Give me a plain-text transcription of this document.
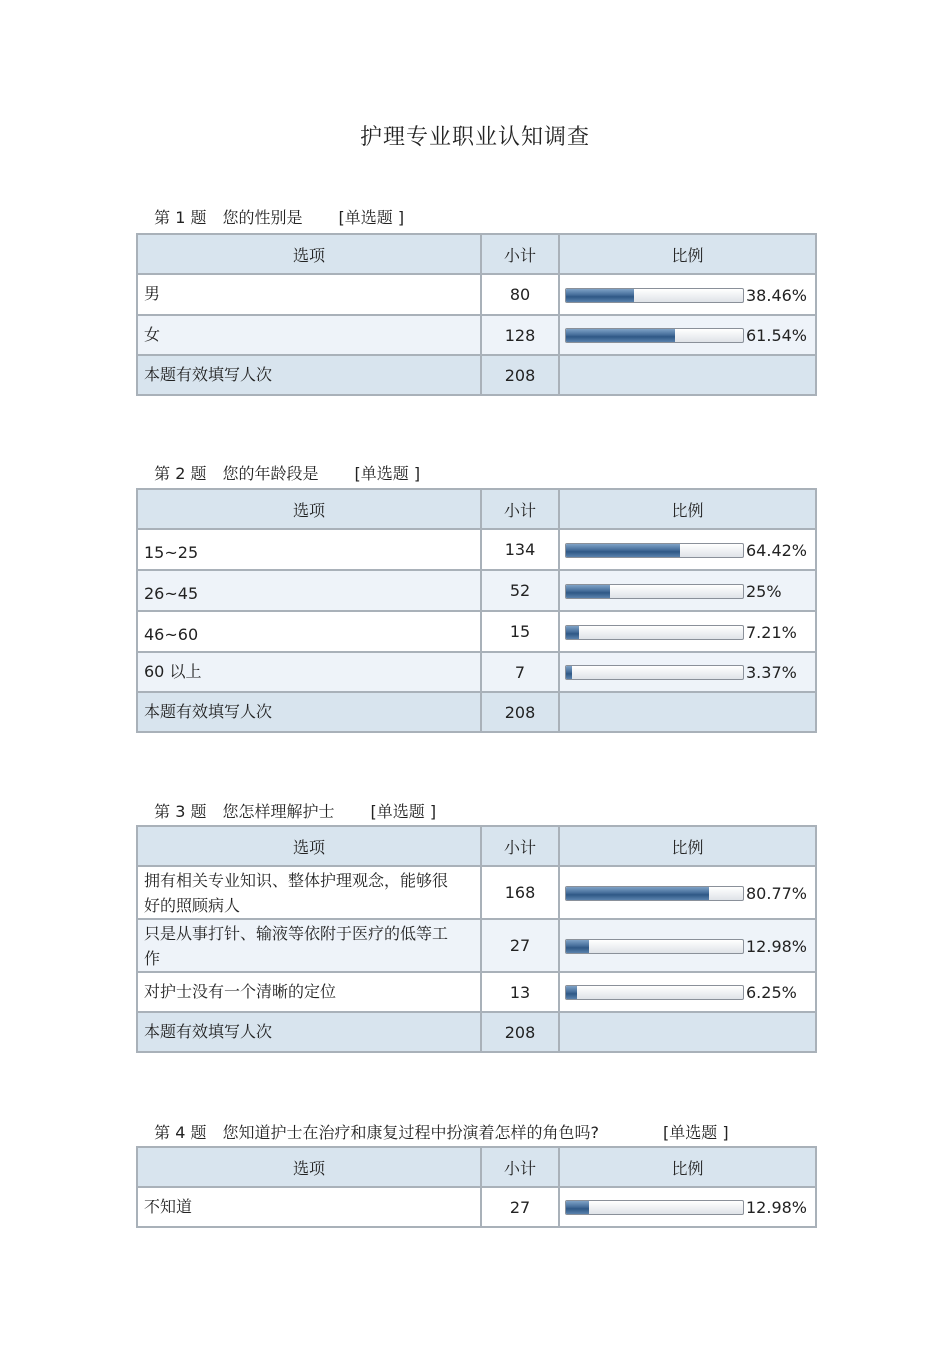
护理专业职业认知调查

第 1 题 您的性别是 [单选题 ]

选项	小计	比例
男	80	38.46%
女	128	61.54%
本题有效填写人次	208	

第 2 题 您的年龄段是 [单选题 ]

选项	小计	比例
15~25	134	64.42%
26~45	52	25%
46~60	15	7.21%
60 以上	7	3.37%
本题有效填写人次	208	

第 3 题 您怎样理解护士 [单选题 ]

选项	小计	比例
拥有相关专业知识、整体护理观念，能够很好的照顾病人	168	80.77%
只是从事打针、输液等依附于医疗的低等工作	27	12.98%
对护士没有一个清晰的定位	13	6.25%
本题有效填写人次	208	

第 4 题 您知道护士在治疗和康复过程中扮演着怎样的角色吗?	[单选题 ]

选项	小计	比例
不知道	27	12.98%
